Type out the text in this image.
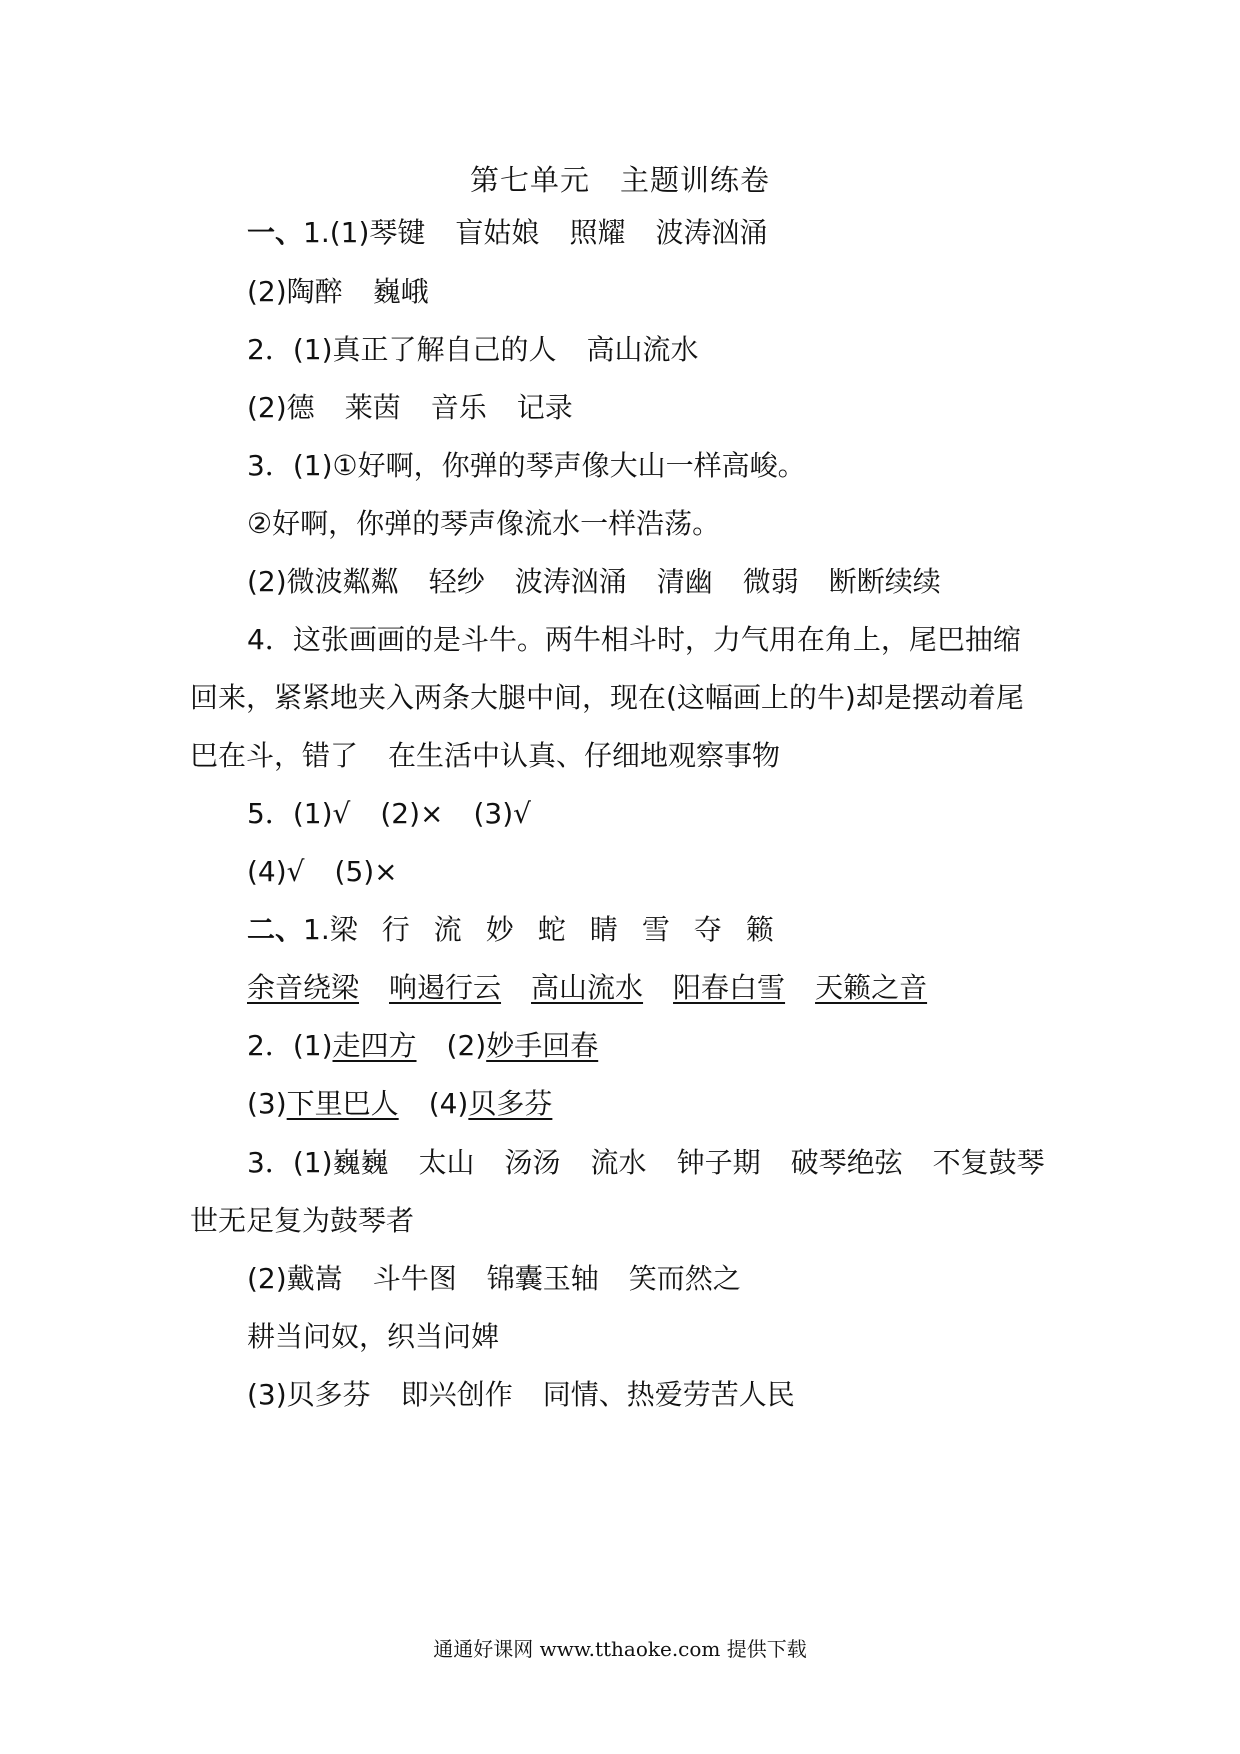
第七单元　主题训练卷
一、1.(1)琴键 盲姑娘 照耀 波涛汹涌
(2)陶醉 巍峨
2．(1)真正了解自己的人 高山流水
(2)德 莱茵 音乐 记录
3．(1)①好啊，你弹的琴声像大山一样高峻。
②好啊，你弹的琴声像流水一样浩荡。
(2)微波粼粼 轻纱 波涛汹涌 清幽 微弱 断断续续
4．这张画画的是斗牛。两牛相斗时，力气用在角上，尾巴抽缩
回来，紧紧地夹入两条大腿中间，现在(这幅画上的牛)却是摆动着尾
巴在斗，错了 在生活中认真、仔细地观察事物
5．(1)√ (2)× (3)√
(4)√ (5)×
二、1.梁 行 流 妙 蛇 睛 雪 夺 籁
余音绕梁 响遏行云 高山流水 阳春白雪 天籁之音
2．(1)走四方 (2)妙手回春
(3)下里巴人 (4)贝多芬
3．(1)巍巍 太山 汤汤 流水 钟子期 破琴绝弦 不复鼓琴
世无足复为鼓琴者
(2)戴嵩 斗牛图 锦囊玉轴 笑而然之
耕当问奴，织当问婢
(3)贝多芬 即兴创作 同情、热爱劳苦人民
通通好课网 www.tthaoke.com 提供下载
